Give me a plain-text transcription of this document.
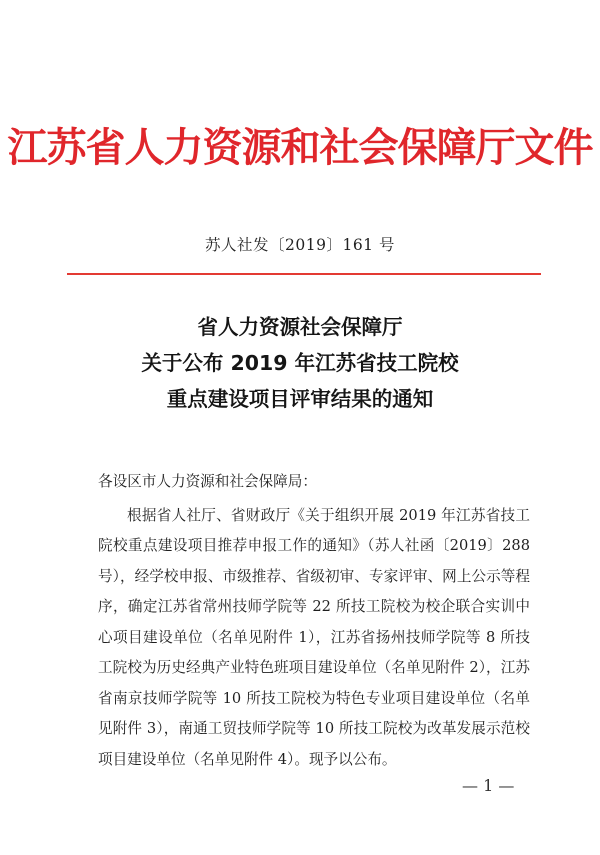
江苏省人力资源和社会保障厅文件
苏人社发〔2019〕161 号
省人力资源社会保障厅
关于公布 2019 年江苏省技工院校
重点建设项目评审结果的通知
各设区市人力资源和社会保障局：
根据省人社厅、省财政厅《关于组织开展 2019 年江苏省技工院校重点建设项目推荐申报工作的通知》（苏人社函〔2019〕288 号），经学校申报、市级推荐、省级初审、专家评审、网上公示等程序，确定江苏省常州技师学院等 22 所技工院校为校企联合实训中心项目建设单位（名单见附件 1），江苏省扬州技师学院等 8 所技工院校为历史经典产业特色班项目建设单位（名单见附件 2），江苏省南京技师学院等 10 所技工院校为特色专业项目建设单位（名单见附件 3），南通工贸技师学院等 10 所技工院校为改革发展示范校项目建设单位（名单见附件 4）。现予以公布。
— 1 —
